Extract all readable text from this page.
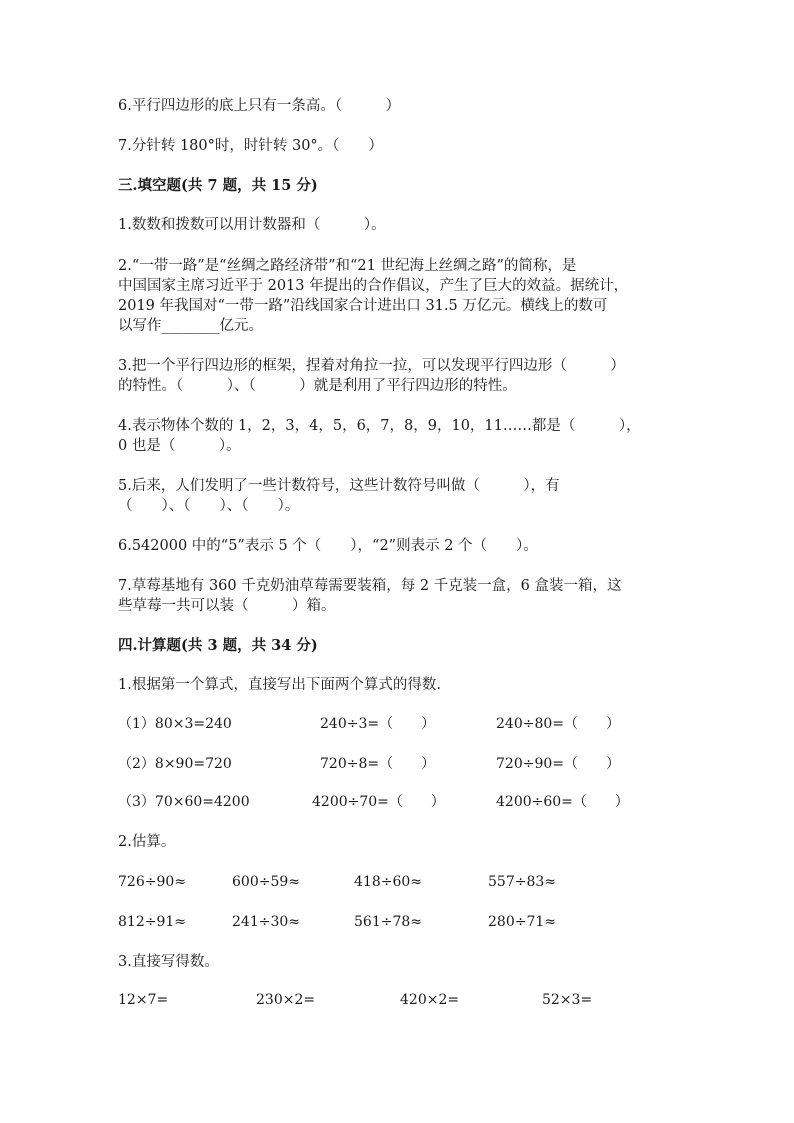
6.平行四边形的底上只有一条高。（　　　）
7.分针转 180°时，时针转 30°。（　　）
三.填空题(共 7 题，共 15 分)
1.数数和拨数可以用计数器和（　　　）。
2.“一带一路”是“丝绸之路经济带”和“21 世纪海上丝绸之路”的简称，是
中国国家主席习近平于 2013 年提出的合作倡议，产生了巨大的效益。据统计，
2019 年我国对“一带一路”沿线国家合计进出口 31.5 万亿元。横线上的数可
以写作________亿元。
3.把一个平行四边形的框架，捏着对角拉一拉，可以发现平行四边形（　　　）
的特性。（　　　）、（　　　）就是利用了平行四边形的特性。
4.表示物体个数的 1，2，3，4，5，6，7，8，9，10，11……都是（　　　），
0 也是（　　　）。
5.后来，人们发明了一些计数符号，这些计数符号叫做（　　　），有
（　　）、（　　）、（　　）。
6.542000 中的“5”表示 5 个（　　），“2”则表示 2 个（　　）。
7.草莓基地有 360 千克奶油草莓需要装箱，每 2 千克装一盒，6 盒装一箱，这
些草莓一共可以装（　　　）箱。
四.计算题(共 3 题，共 34 分)
1.根据第一个算式，直接写出下面两个算式的得数.
（1）80×3=240	240÷3=（　　）	240÷80=（　　）
（2）8×90=720	720÷8=（　　）	720÷90=（　　）
（3）70×60=4200	4200÷70=（　　）	4200÷60=（　　）
2.估算。
726÷90≈	600÷59≈	418÷60≈	557÷83≈
812÷91≈	241÷30≈	561÷78≈	280÷71≈
3.直接写得数。
12×7=	230×2=	420×2=	52×3=
